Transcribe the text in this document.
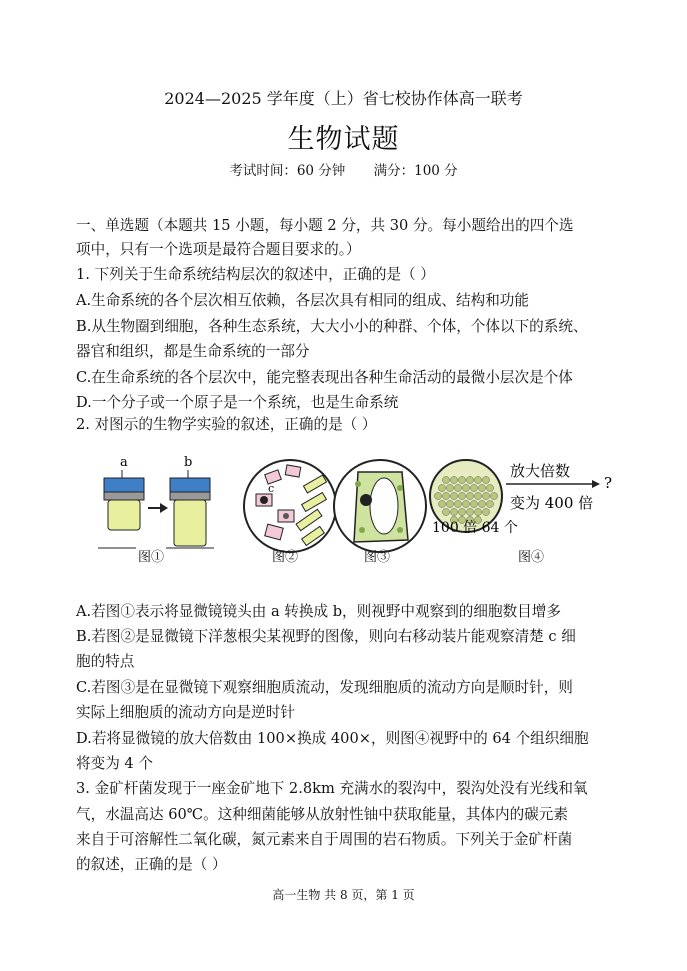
2024—2025 学年度（上）省七校协作体高一联考
生物试题
考试时间：60 分钟 满分：100 分
一、单选题（本题共 15 小题，每小题 2 分，共 30 分。每小题给出的四个选
项中，只有一个选项是最符合题目要求的。）
1. 下列关于生命系统结构层次的叙述中，正确的是（ ）
A.生命系统的各个层次相互依赖，各层次具有相同的组成、结构和功能
B.从生物圈到细胞，各种生态系统，大大小小的种群、个体，个体以下的系统、
器官和组织，都是生命系统的一部分
C.在生命系统的各个层次中，能完整表现出各种生命活动的最微小层次是个体
D.一个分子或一个原子是一个系统，也是生命系统
2. 对图示的生物学实验的叙述，正确的是（ ）
a	b
c
放大倍数
?
变为 400 倍
100 倍 64 个
图①	图②	图③	图④
A.若图①表示将显微镜镜头由 a 转换成 b，则视野中观察到的细胞数目增多
B.若图②是显微镜下洋葱根尖某视野的图像，则向右移动装片能观察清楚 c 细
胞的特点
C.若图③是在显微镜下观察细胞质流动，发现细胞质的流动方向是顺时针，则
实际上细胞质的流动方向是逆时针
D.若将显微镜的放大倍数由 100×换成 400×，则图④视野中的 64 个组织细胞
将变为 4 个
3. 金矿杆菌发现于一座金矿地下 2.8km 充满水的裂沟中，裂沟处没有光线和氧
气，水温高达 60℃。这种细菌能够从放射性铀中获取能量，其体内的碳元素
来自于可溶解性二氧化碳，氮元素来自于周围的岩石物质。下列关于金矿杆菌
的叙述，正确的是（ ）
高一生物 共 8 页，第 1 页
